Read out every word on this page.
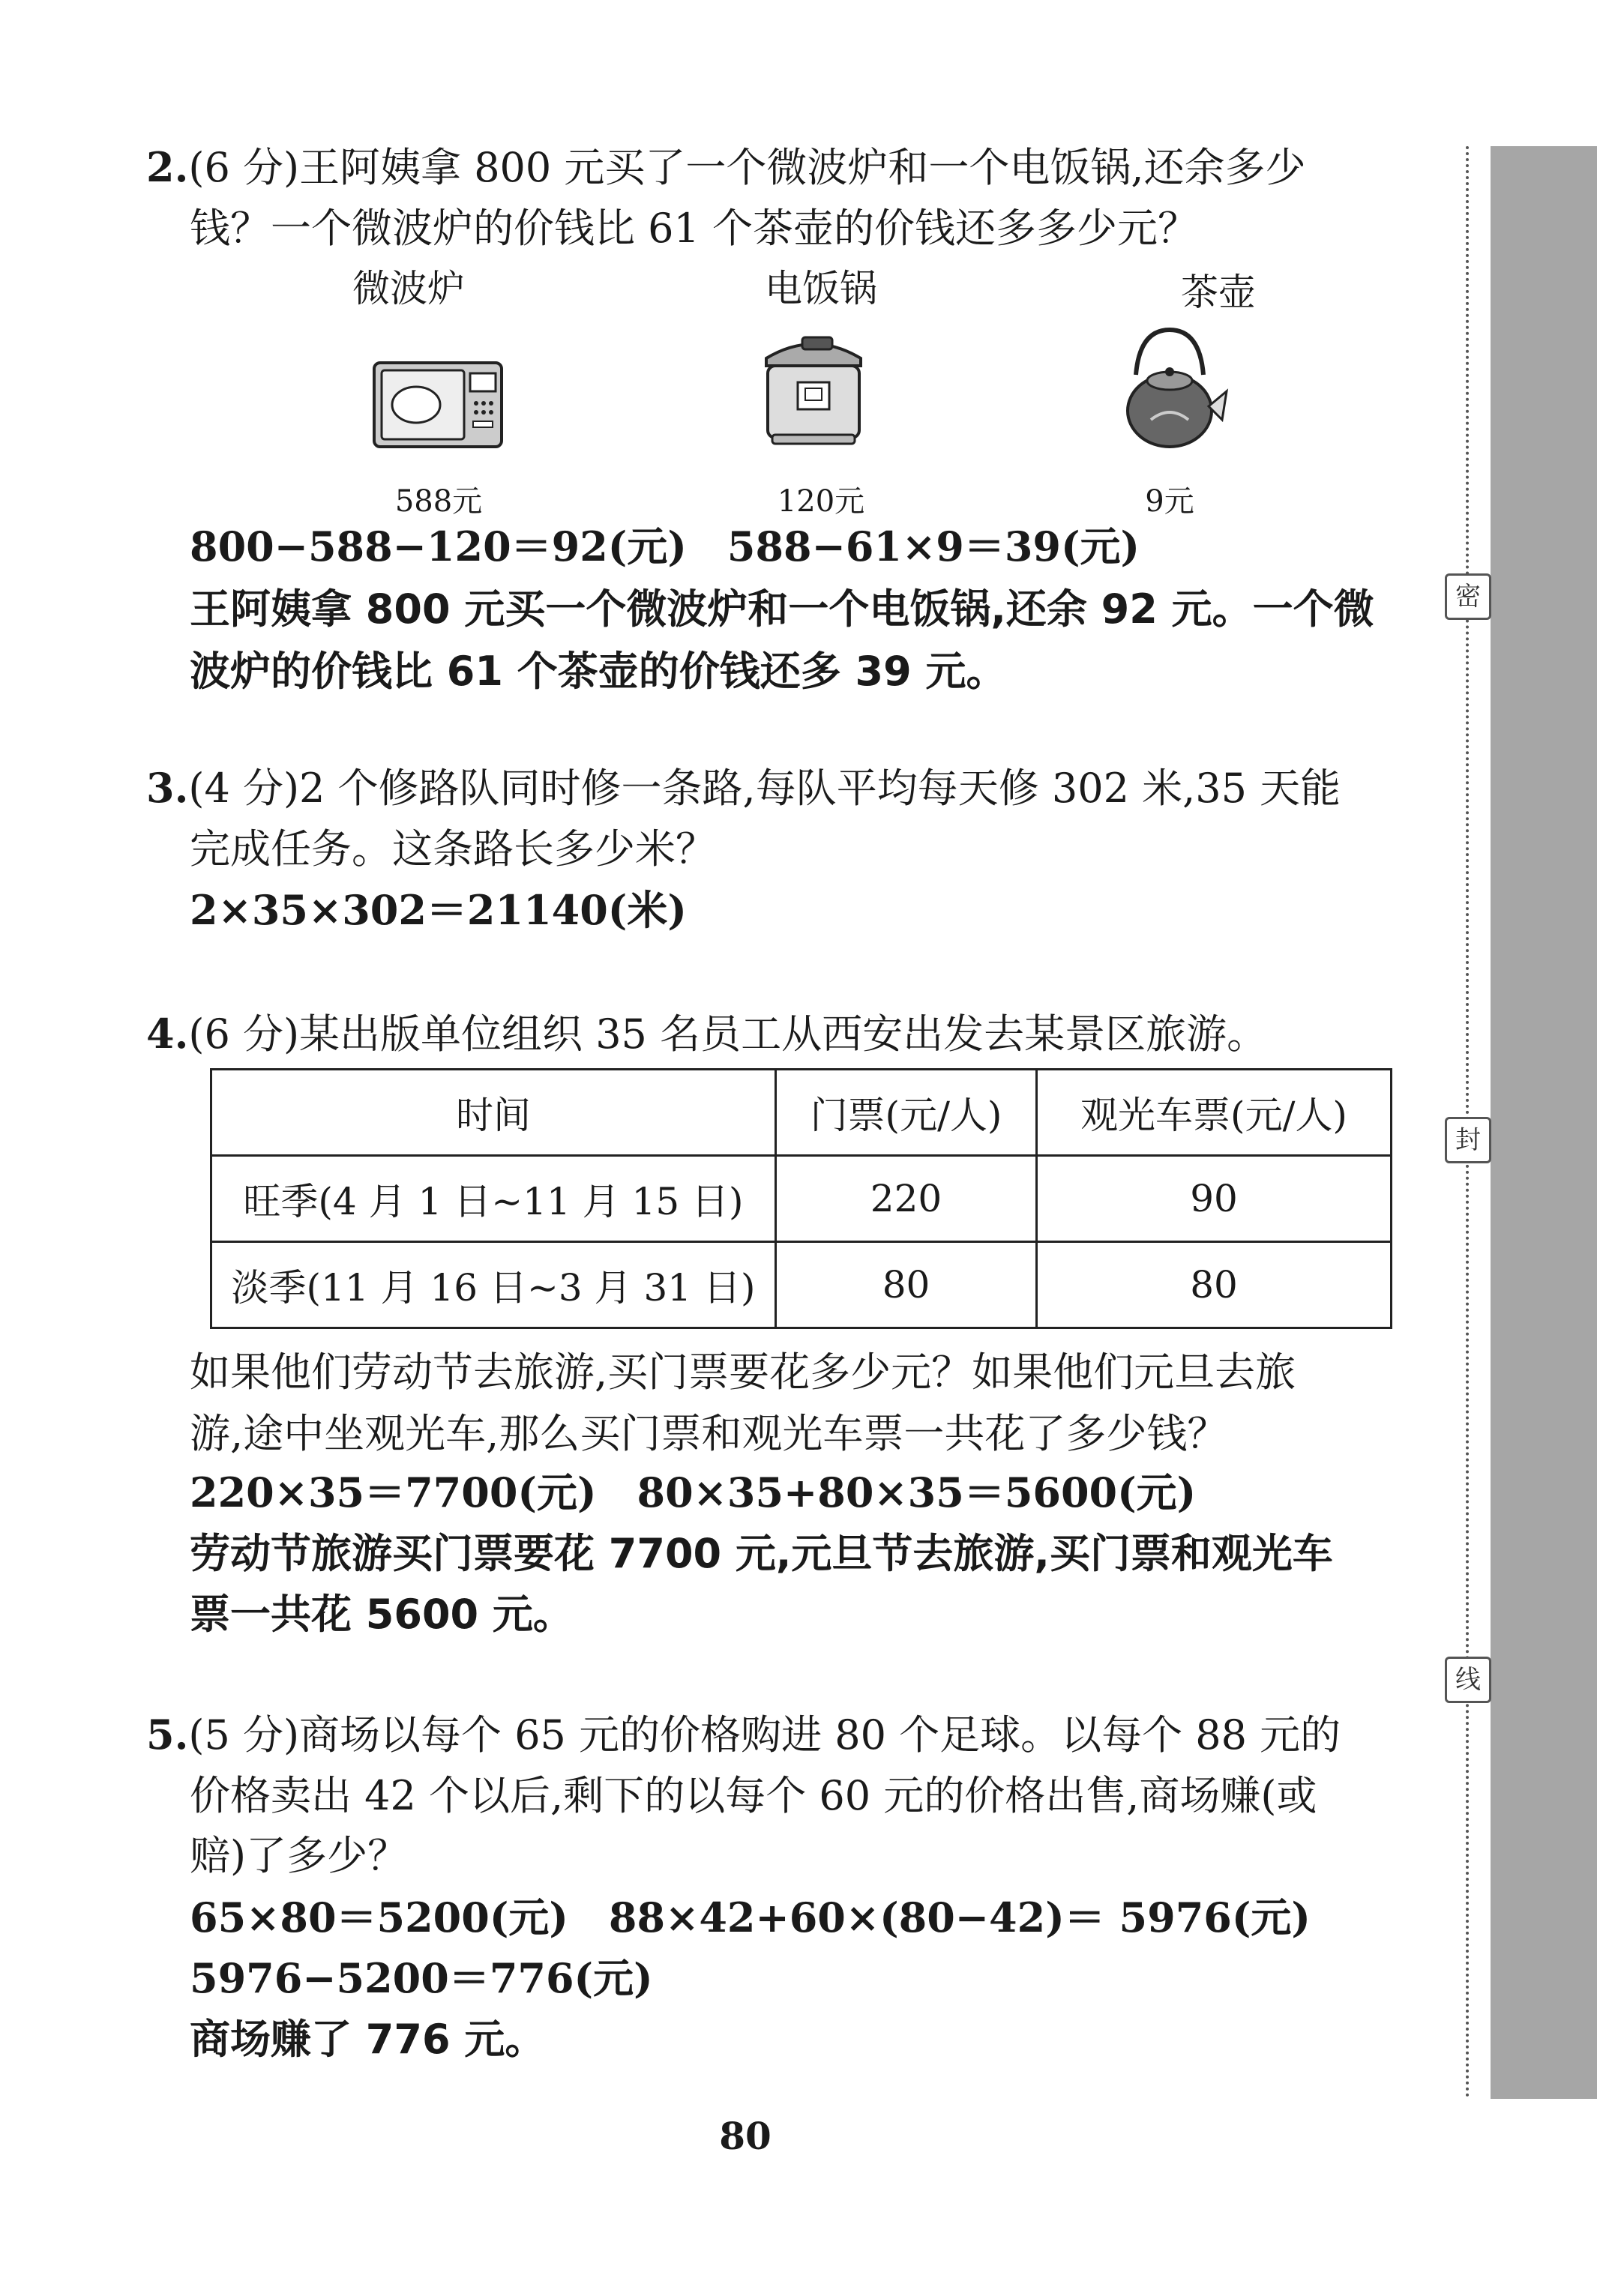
密
封
线
2.(6 分)王阿姨拿 800 元买了一个微波炉和一个电饭锅,还余多少
钱？一个微波炉的价钱比 61 个茶壶的价钱还多多少元？
微波炉	电饭锅	茶壶
588元	120元	9元
800−588−120＝92(元)　588−61×9＝39(元)
王阿姨拿 800 元买一个微波炉和一个电饭锅,还余 92 元。一个微
波炉的价钱比 61 个茶壶的价钱还多 39 元。
3.(4 分)2 个修路队同时修一条路,每队平均每天修 302 米,35 天能
完成任务。这条路长多少米？
2×35×302＝21140(米)
4.(6 分)某出版单位组织 35 名员工从西安出发去某景区旅游。
时间	门票(元/人)	观光车票(元/人)
旺季(4 月 1 日~11 月 15 日)	220	90
淡季(11 月 16 日~3 月 31 日)	80	80
如果他们劳动节去旅游,买门票要花多少元？如果他们元旦去旅
游,途中坐观光车,那么买门票和观光车票一共花了多少钱？
220×35＝7700(元)　80×35+80×35＝5600(元)
劳动节旅游买门票要花 7700 元,元旦节去旅游,买门票和观光车
票一共花 5600 元。
5.(5 分)商场以每个 65 元的价格购进 80 个足球。以每个 88 元的
价格卖出 42 个以后,剩下的以每个 60 元的价格出售,商场赚(或
赔)了多少？
65×80＝5200(元)　88×42+60×(80−42)＝ 5976(元)
5976−5200＝776(元)
商场赚了 776 元。
80
